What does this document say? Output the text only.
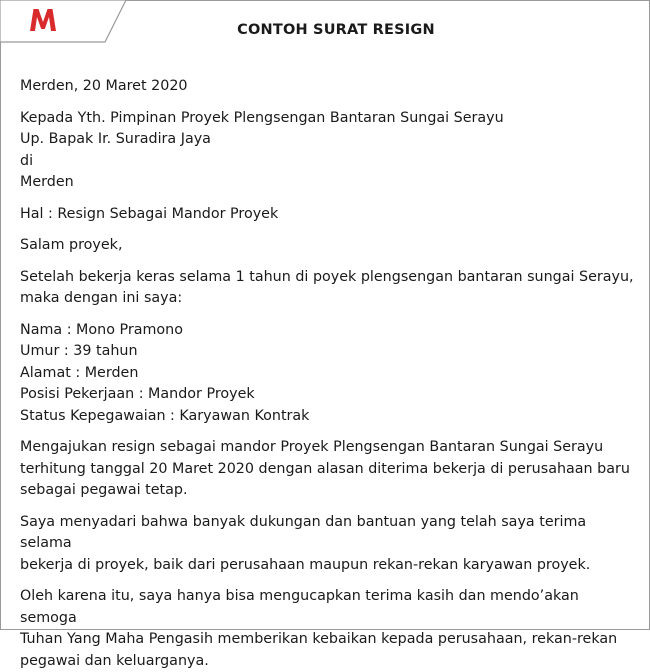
CONTOH SURAT RESIGN

Merden, 20 Maret 2020

Kepada Yth. Pimpinan Proyek Plengsengan Bantaran Sungai Serayu

Up. Bapak Ir. Suradira Jaya

di

Merden

Hal : Resign Sebagai Mandor Proyek

Salam proyek,

Setelah bekerja keras selama 1 tahun di poyek plengsengan bantaran sungai Serayu,

maka dengan ini saya:

Nama : Mono Pramono

Umur : 39 tahun

Alamat : Merden

Posisi Pekerjaan : Mandor Proyek

Status Kepegawaian : Karyawan Kontrak

Mengajukan resign sebagai mandor Proyek Plengsengan Bantaran Sungai Serayu

terhitung tanggal 20 Maret 2020 dengan alasan diterima bekerja di perusahaan baru

sebagai pegawai tetap.

Saya menyadari bahwa banyak dukungan dan bantuan yang telah saya terima selama

bekerja di proyek, baik dari perusahaan maupun rekan-rekan karyawan proyek.

Oleh karena itu, saya hanya bisa mengucapkan terima kasih dan mendo’akan semoga

Tuhan Yang Maha Pengasih memberikan kebaikan kepada perusahaan, rekan-rekan

pegawai dan keluarganya.
